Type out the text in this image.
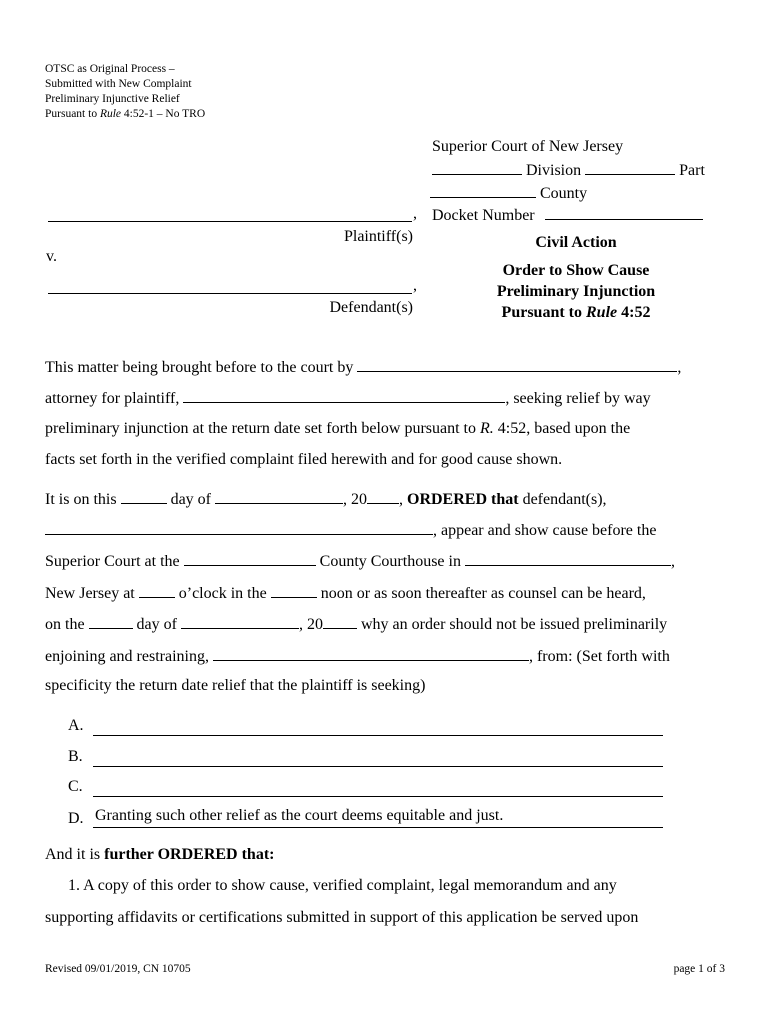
OTSC as Original Process –
Submitted with New Complaint
Preliminary Injunctive Relief
Pursuant to Rule 4:52-1 – No TRO
Superior Court of New Jersey
Division	Part
County
Docket Number
,
Plaintiff(s)
v.
,
Defendant(s)
Civil Action
Order to Show Cause
Preliminary Injunction
Pursuant to Rule 4:52
This matter being brought before to the court by	,
attorney for plaintiff,	, seeking relief by way
preliminary injunction at the return date set forth below pursuant to R. 4:52, based upon the
facts set forth in the verified complaint filed herewith and for good cause shown.
It is on this	day of	, 20 , ORDERED that defendant(s),
, appear and show cause before the
Superior Court at the	County Courthouse in	,
New Jersey at	o’clock in the	noon or as soon thereafter as counsel can be heard,
on the	day of	, 20 why an order should not be issued preliminarily
enjoining and restraining,	, from: (Set forth with
specificity the return date relief that the plaintiff is seeking)
A.
B.
C.
D. Granting such other relief as the court deems equitable and just.
And it is further ORDERED that:
1. A copy of this order to show cause, verified complaint, legal memorandum and any
supporting affidavits or certifications submitted in support of this application be served upon
Revised 09/01/2019, CN 10705	page 1 of 3
